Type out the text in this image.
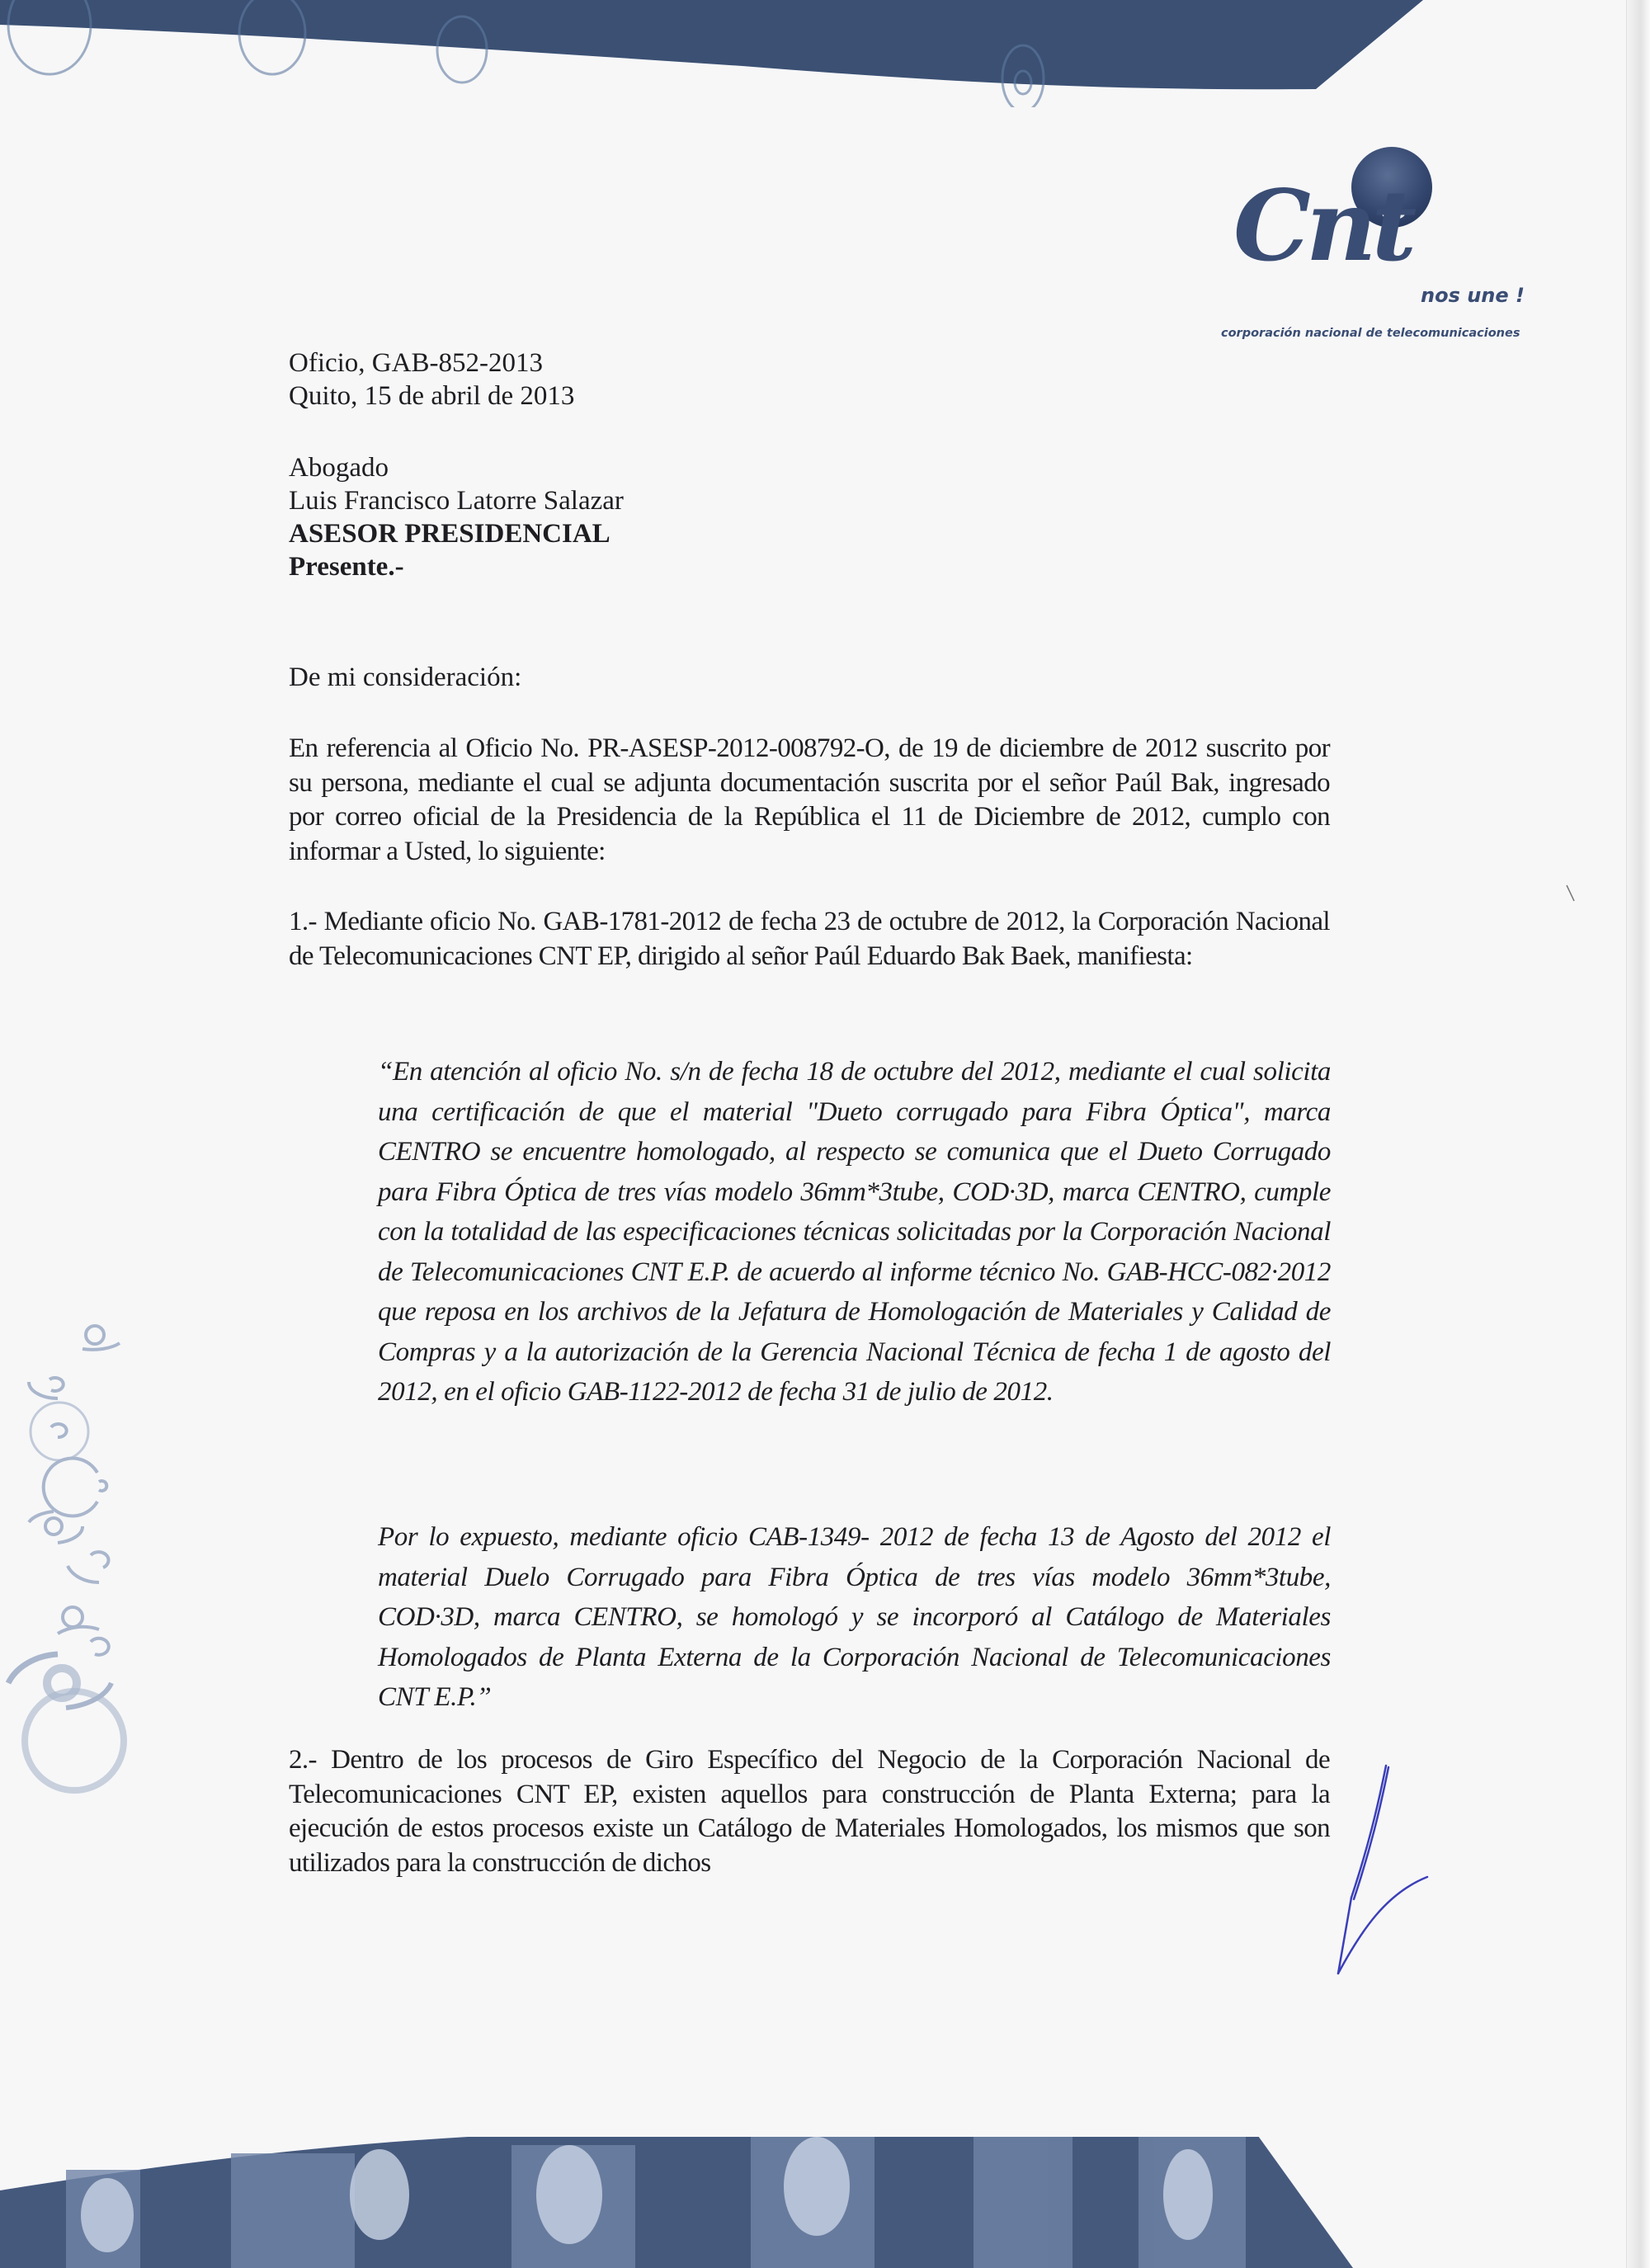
Cnt
nos une !
corporación nacional de telecomunicaciones
Oficio, GAB-852-2013
Quito, 15 de abril de 2013
Abogado
Luis Francisco Latorre Salazar
ASESOR PRESIDENCIAL
Presente.-
De mi consideración:
En referencia al Oficio No. PR-ASESP-2012-008792-O, de 19 de diciembre de 2012 suscrito por su persona, mediante el cual se adjunta documentación suscrita por el señor Paúl Bak, ingresado por correo oficial de la Presidencia de la República el 11 de Diciembre de 2012, cumplo con informar a Usted, lo siguiente:
1.- Mediante oficio No. GAB-1781-2012 de fecha 23 de octubre de 2012, la Corporación Nacional de Telecomunicaciones CNT EP, dirigido al señor Paúl Eduardo Bak Baek, manifiesta:
“En atención al oficio No. s/n de fecha 18 de octubre del 2012, mediante el cual solicita una certificación de que el material "Dueto corrugado para Fibra Óptica", marca CENTRO se encuentre homologado, al respecto se comunica que el Dueto Corrugado para Fibra Óptica de tres vías modelo 36mm*3tube, COD·3D, marca CENTRO, cumple con la totalidad de las especificaciones técnicas solicitadas por la Corporación Nacional de Telecomunicaciones CNT E.P. de acuerdo al informe técnico No. GAB-HCC-082·2012 que reposa en los archivos de la Jefatura de Homologación de Materiales y Calidad de Compras y a la autorización de la Gerencia Nacional Técnica de fecha 1 de agosto del 2012, en el oficio GAB-1122-2012 de fecha 31 de julio de 2012.
Por lo expuesto, mediante oficio CAB-1349- 2012 de fecha 13 de Agosto del 2012 el material Duelo Corrugado para Fibra Óptica de tres vías modelo 36mm*3tube, COD·3D, marca CENTRO, se homologó y se incorporó al Catálogo de Materiales Homologados de Planta Externa de la Corporación Nacional de Telecomunicaciones CNT E.P.”
2.- Dentro de los procesos de Giro Específico del Negocio de la Corporación Nacional de Telecomunicaciones CNT EP, existen aquellos para construcción de Planta Externa; para la ejecución de estos procesos existe un Catálogo de Materiales Homologados, los mismos que son utilizados para la construcción de dichos
